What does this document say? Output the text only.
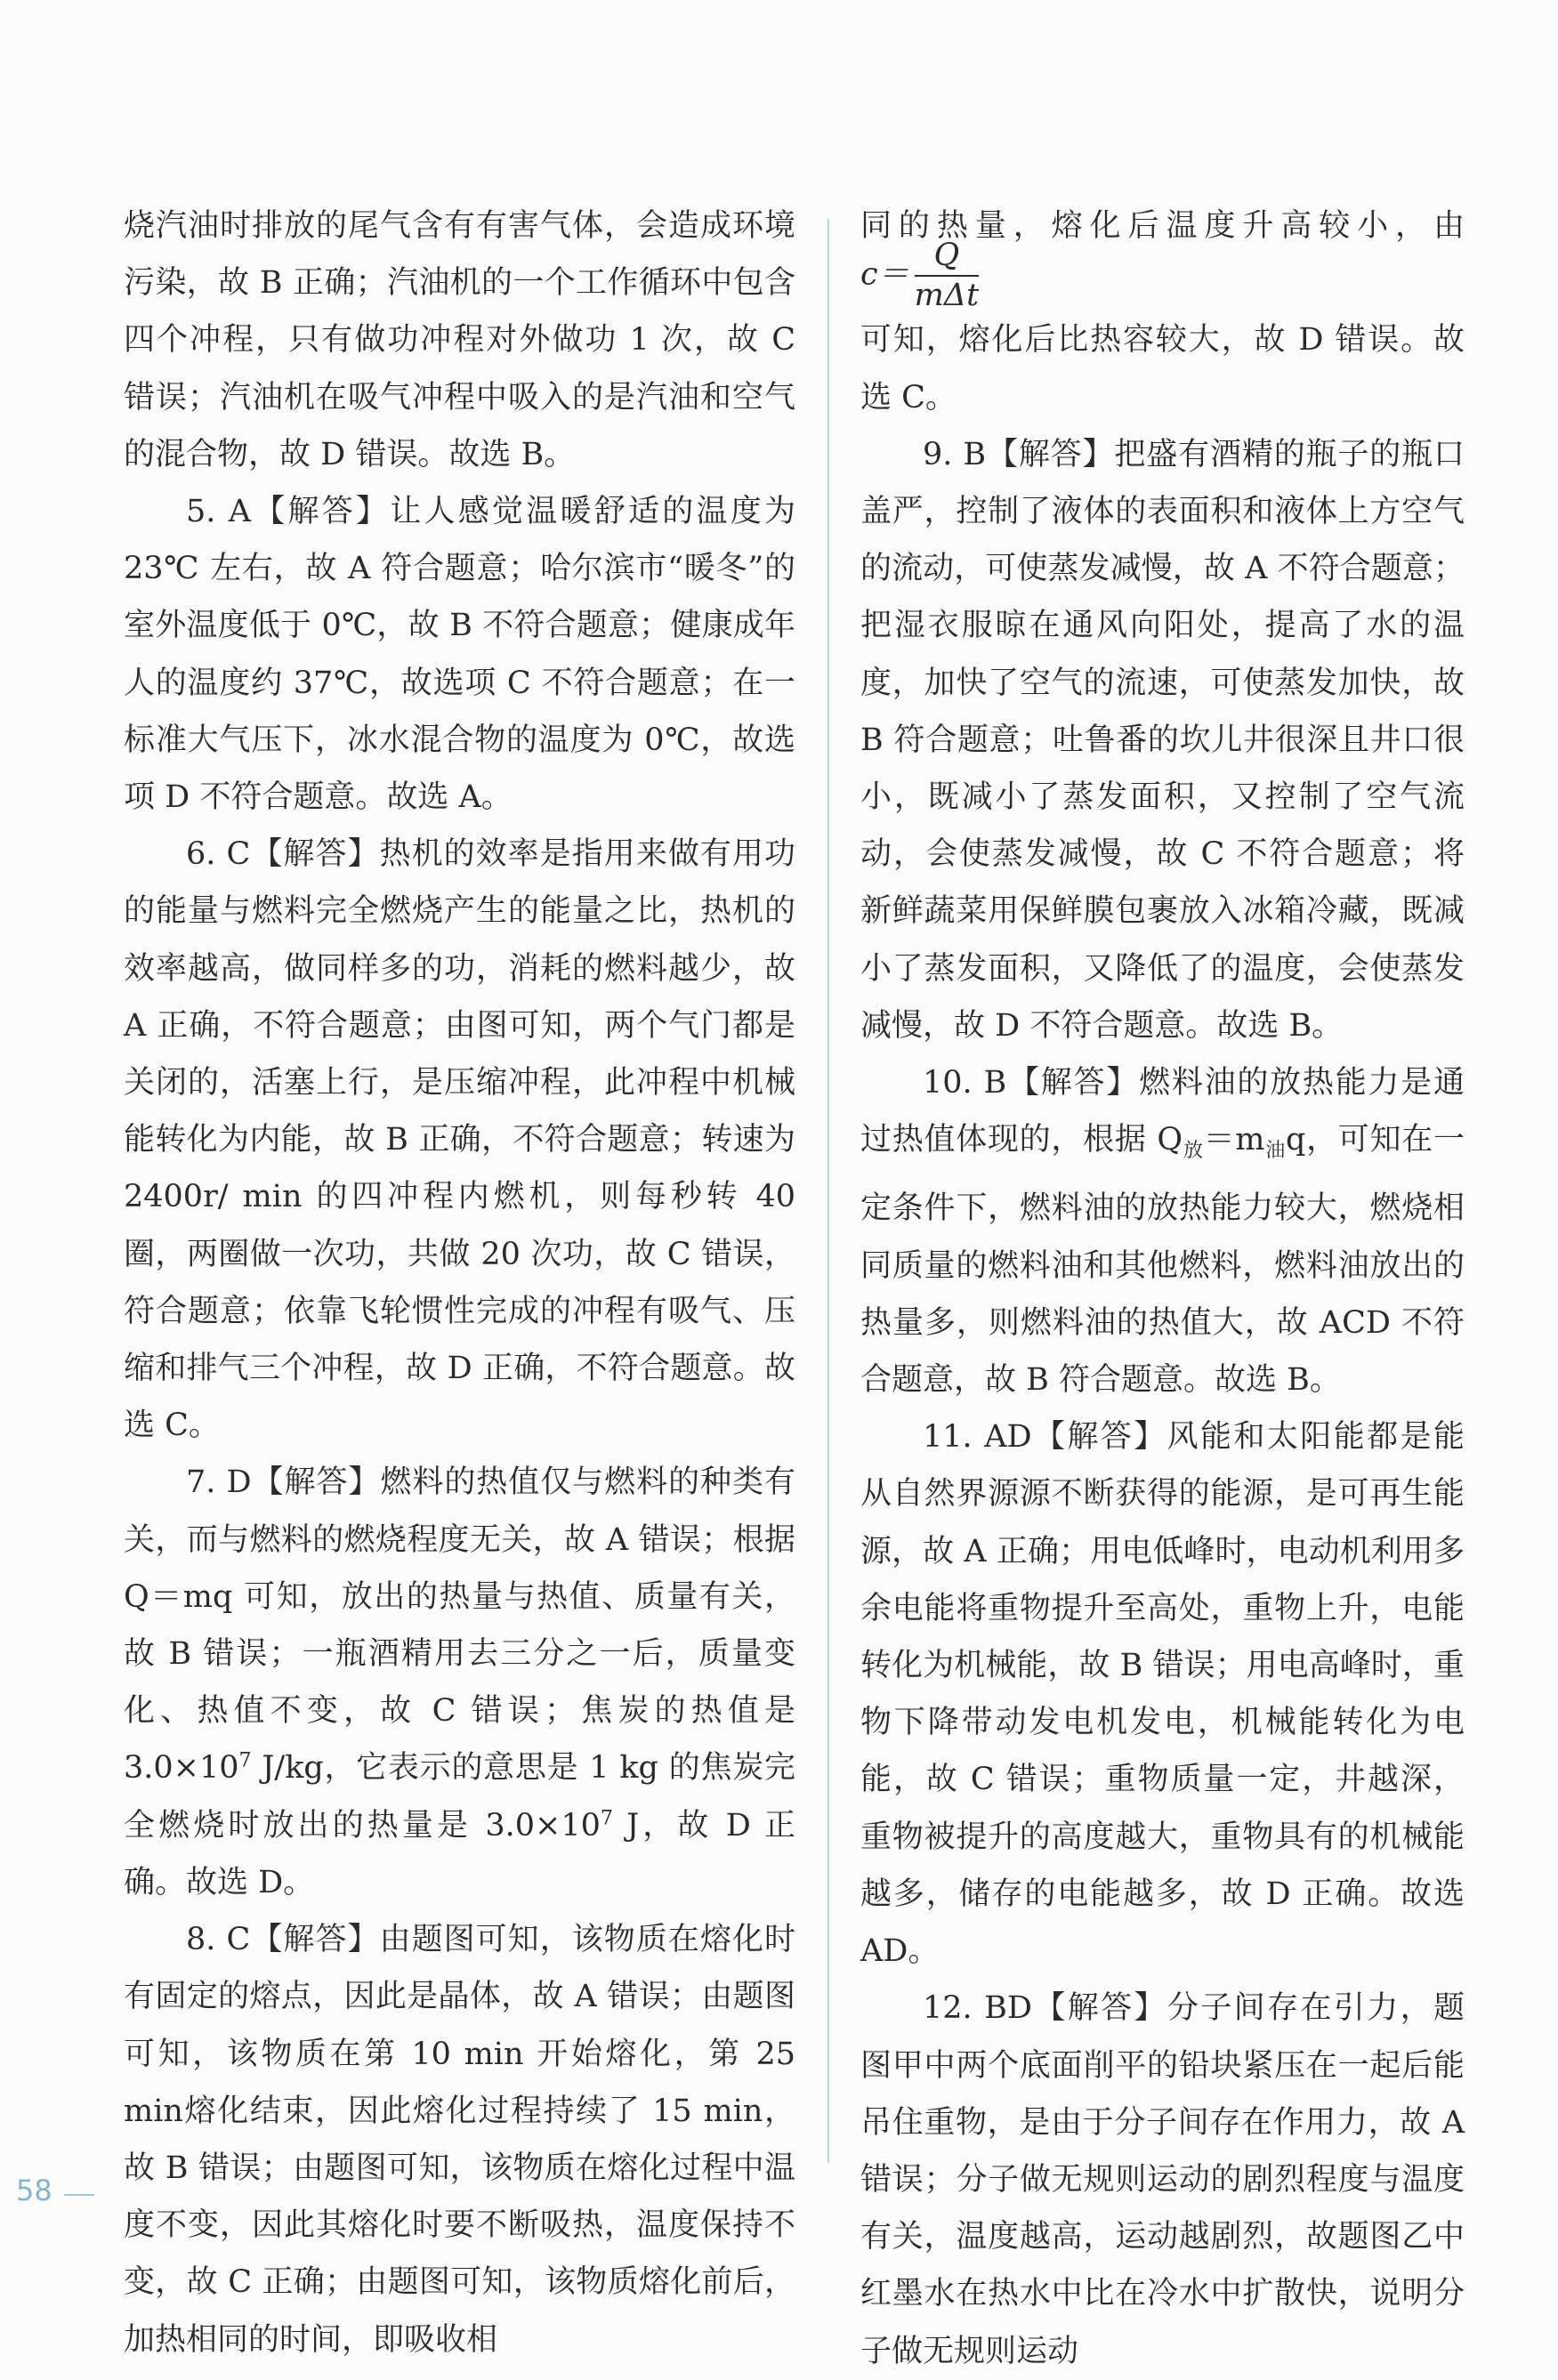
烧汽油时排放的尾气含有有害气体，会造成环境污染，故 B 正确；汽油机的一个工作循环中包含四个冲程，只有做功冲程对外做功 1 次，故 C 错误；汽油机在吸气冲程中吸入的是汽油和空气的混合物，故 D 错误。故选 B。

5. A【解答】让人感觉温暖舒适的温度为 23℃ 左右，故 A 符合题意；哈尔滨市“暖冬”的室外温度低于 0℃，故 B 不符合题意；健康成年人的温度约 37℃，故选项 C 不符合题意；在一标准大气压下，冰水混合物的温度为 0℃，故选项 D 不符合题意。故选 A。

6. C【解答】热机的效率是指用来做有用功的能量与燃料完全燃烧产生的能量之比，热机的效率越高，做同样多的功，消耗的燃料越少，故 A 正确，不符合题意；由图可知，两个气门都是关闭的，活塞上行，是压缩冲程，此冲程中机械能转化为内能，故 B 正确，不符合题意；转速为 2400r/ min 的四冲程内燃机，则每秒转 40 圈，两圈做一次功，共做 20 次功，故 C 错误，符合题意；依靠飞轮惯性完成的冲程有吸气、压缩和排气三个冲程，故 D 正确，不符合题意。故选 C。

7. D【解答】燃料的热值仅与燃料的种类有关，而与燃料的燃烧程度无关，故 A 错误；根据 Q＝mq 可知，放出的热量与热值、质量有关，故 B 错误；一瓶酒精用去三分之一后，质量变化、热值不变，故 C 错误；焦炭的热值是 $3.0\times 10^7$ J/kg，它表示的意思是 1 kg 的焦炭完全燃烧时放出的热量是 $3.0\times 10^7$ J，故 D 正确。故选 D。

8. C【解答】由题图可知，该物质在熔化时有固定的熔点，因此是晶体，故 A 错误；由题图可知，该物质在第 10 min 开始熔化，第 25 min熔化结束，因此熔化过程持续了 15 min，故 B 错误；由题图可知，该物质在熔化过程中温度不变，因此其熔化时要不断吸热，温度保持不变，故 C 正确；由题图可知，该物质熔化前后，加热相同的时间，即吸收相

同的热量，熔化后温度升高较小，由 $c= \frac{Q}{\text{mΔt}}$

可知，熔化后比热容较大，故 D 错误。故选 C。

9. B【解答】把盛有酒精的瓶子的瓶口盖严，控制了液体的表面积和液体上方空气的流动，可使蒸发减慢，故 A 不符合题意；把湿衣服晾在通风向阳处，提高了水的温度，加快了空气的流速，可使蒸发加快，故 B 符合题意；吐鲁番的坎儿井很深且井口很小，既减小了蒸发面积，又控制了空气流动，会使蒸发减慢，故 C 不符合题意；将新鲜蔬菜用保鲜膜包裹放入冰箱冷藏，既减小了蒸发面积，又降低了的温度，会使蒸发减慢，故 D 不符合题意。故选 B。

10. B【解答】燃料油的放热能力是通过热值体现的，根据 $Q_放=m_油q$，可知在一定条件下，燃料油的放热能力较大，燃烧相同质量的燃料油和其他燃料，燃料油放出的热量多，则燃料油的热值大，故 ACD 不符合题意，故 B 符合题意。故选 B。

11. AD【解答】风能和太阳能都是能从自然界源源不断获得的能源，是可再生能源，故 A 正确；用电低峰时，电动机利用多余电能将重物提升至高处，重物上升，电能转化为机械能，故 B 错误；用电高峰时，重物下降带动发电机发电，机械能转化为电能，故 C 错误；重物质量一定，井越深，重物被提升的高度越大，重物具有的机械能越多，储存的电能越多，故 D 正确。故选 AD。

12. BD【解答】分子间存在引力，题图甲中两个底面削平的铅块紧压在一起后能吊住重物，是由于分子间存在作用力，故 A 错误；分子做无规则运动的剧烈程度与温度有关，温度越高，运动越剧烈，故题图乙中红墨水在热水中比在冷水中扩散快，说明分子做无规则运动

58
